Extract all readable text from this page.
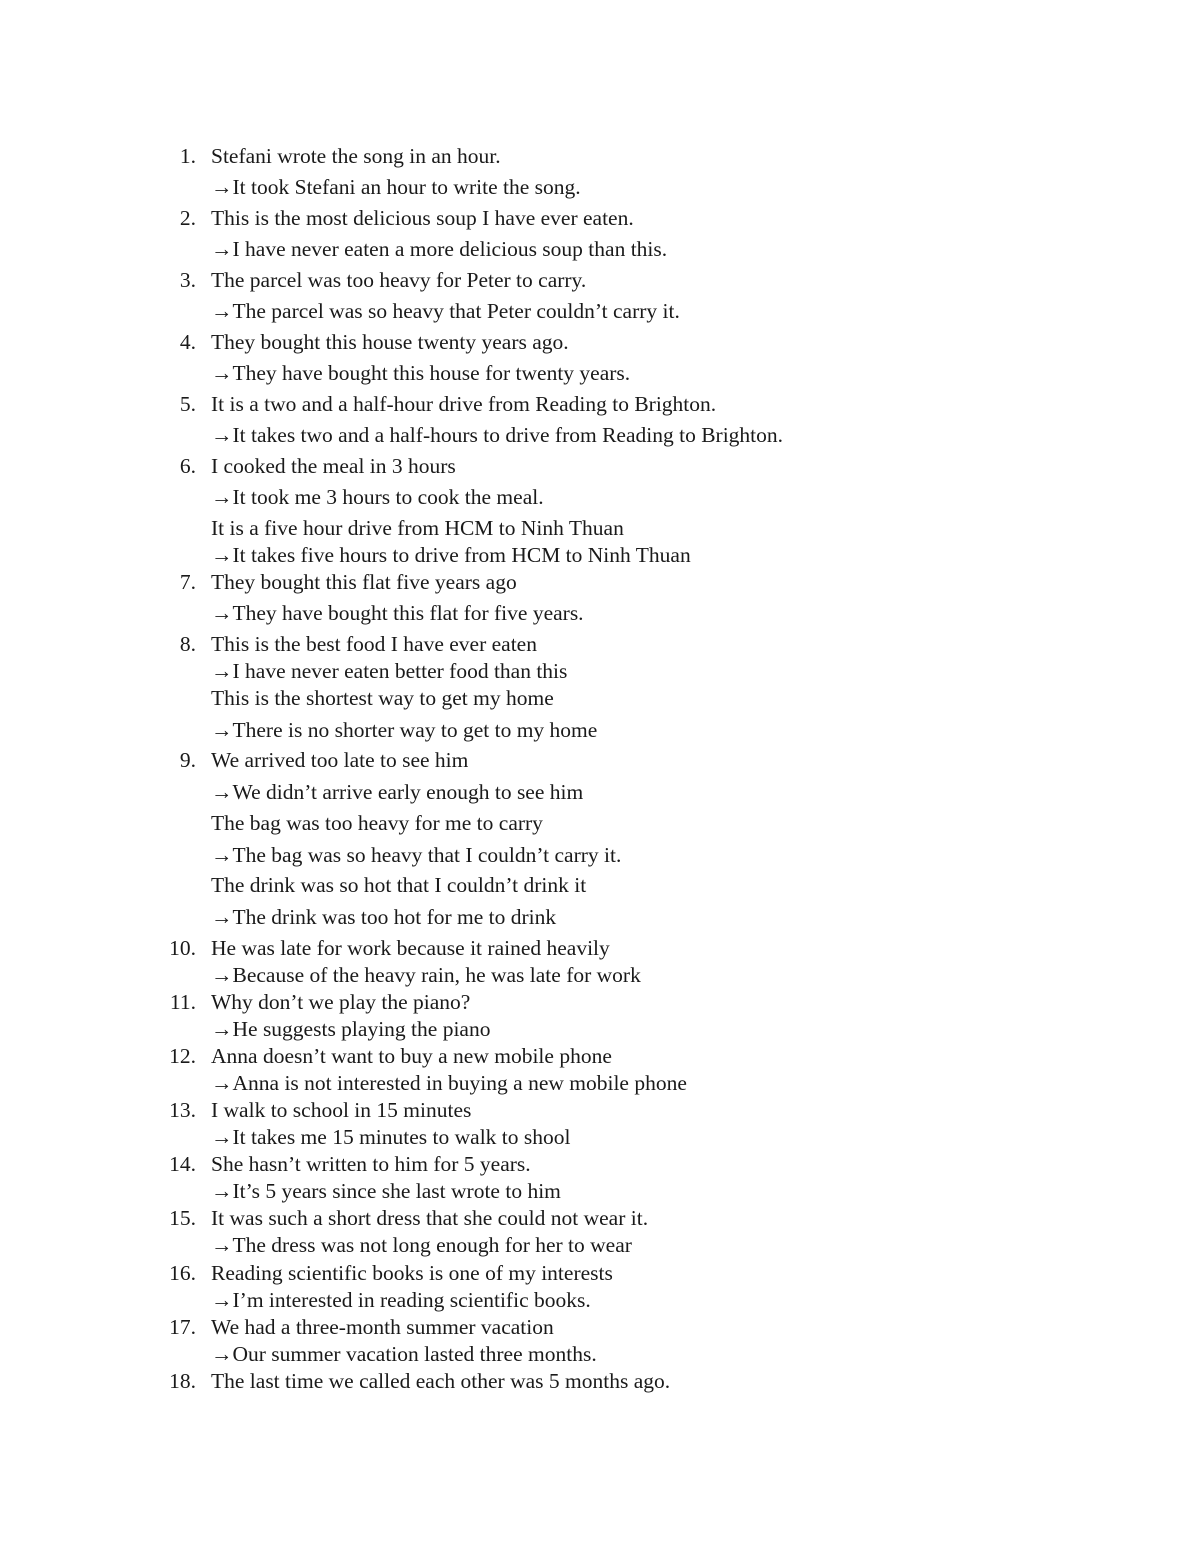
1. Stefani wrote the song in an hour.
→It took Stefani an hour to write the song.
2. This is the most delicious soup I have ever eaten.
→I have never eaten a more delicious soup than this.
3. The parcel was too heavy for Peter to carry.
→The parcel was so heavy that Peter couldn’t carry it.
4. They bought this house twenty years ago.
→They have bought this house for twenty years.
5. It is a two and a half-hour drive from Reading to Brighton.
→It takes two and a half-hours to drive from Reading to Brighton.
6. I cooked the meal in 3 hours
→It took me 3 hours to cook the meal.
It is a five hour drive from HCM to Ninh Thuan
→It takes five hours to drive from HCM to Ninh Thuan
7. They bought this flat five years ago
→They have bought this flat for five years.
8. This is the best food I have ever eaten
→I have never eaten better food than this
This is the shortest way to get my home
→There is no shorter way to get to my home
9. We arrived too late to see him
→We didn’t arrive early enough to see him
The bag was too heavy for me to carry
→The bag was so heavy that I couldn’t carry it.
The drink was so hot that I couldn’t drink it
→The drink was too hot for me to drink
10. He was late for work because it rained heavily
→Because of the heavy rain, he was late for work
11. Why don’t we play the piano?
→He suggests playing the piano
12. Anna doesn’t want to buy a new mobile phone
→Anna is not interested in buying a new mobile phone
13. I walk to school in 15 minutes
→It takes me 15 minutes to walk to shool
14. She hasn’t written to him for 5 years.
→It’s 5 years since she last wrote to him
15. It was such a short dress that she could not wear it.
→The dress was not long enough for her to wear
16. Reading scientific books is one of my interests
→I’m interested in reading scientific books.
17. We had a three-month summer vacation
→Our summer vacation lasted three months.
18. The last time we called each other was 5 months ago.
